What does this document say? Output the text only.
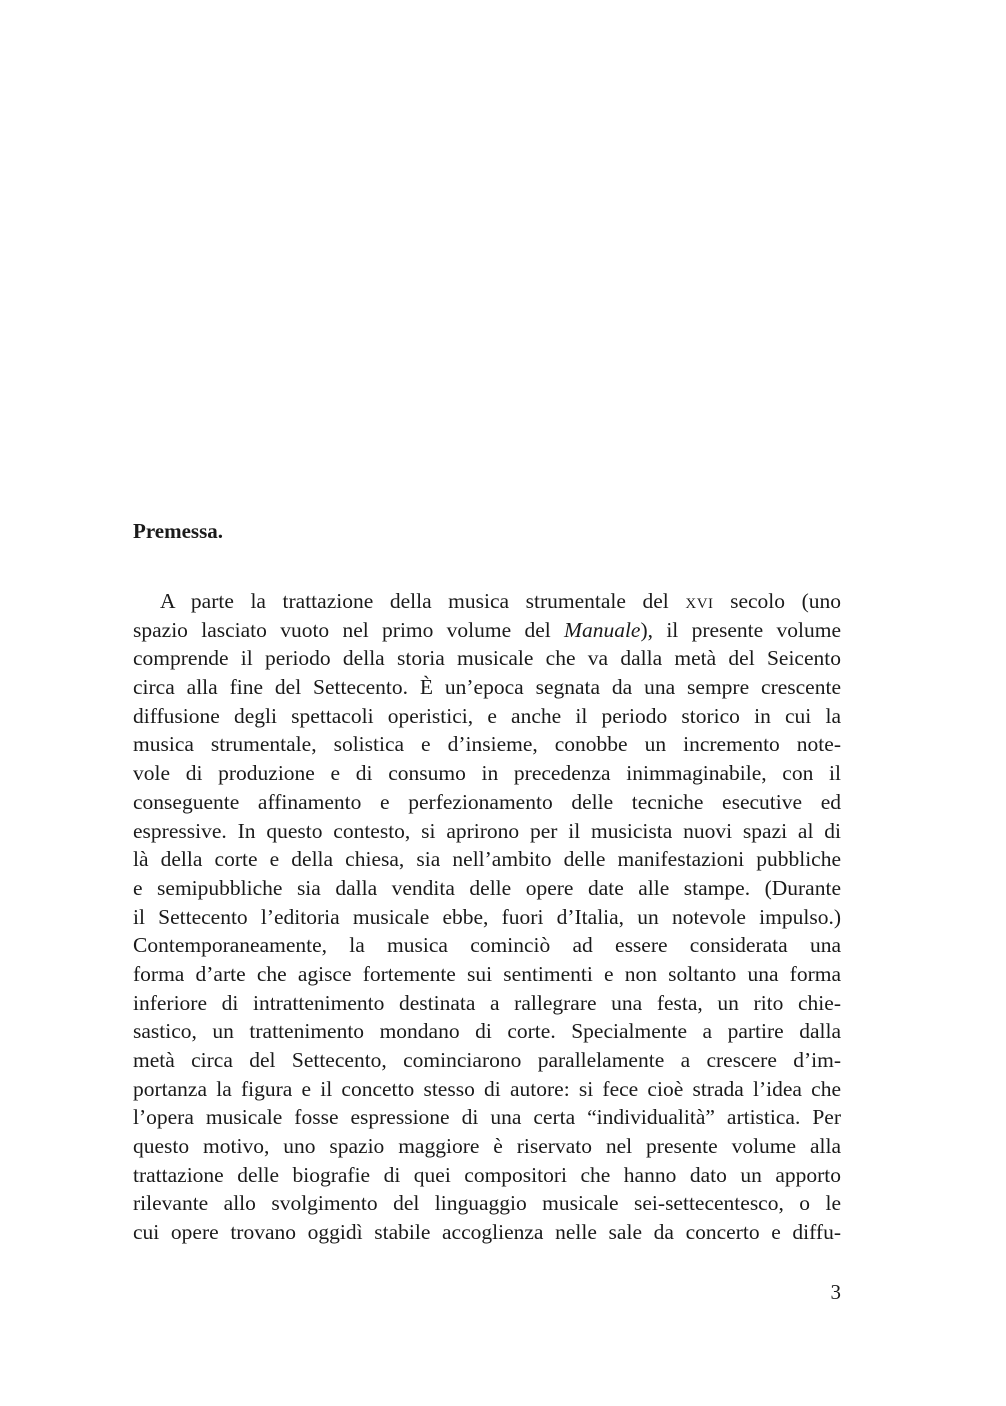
Premessa.
A parte la trattazione della musica strumentale del xvi secolo (uno
spazio lasciato vuoto nel primo volume del Manuale), il presente volume
comprende il periodo della storia musicale che va dalla metà del Seicento
circa alla fine del Settecento. È un’epoca segnata da una sempre crescente
diffusione degli spettacoli operistici, e anche il periodo storico in cui la
musica strumentale, solistica e d’insieme, conobbe un incremento note-
vole di produzione e di consumo in precedenza inimmaginabile, con il
conseguente affinamento e perfezionamento delle tecniche esecutive ed
espressive. In questo contesto, si aprirono per il musicista nuovi spazi al di
là della corte e della chiesa, sia nell’ambito delle manifestazioni pubbliche
e semipubbliche sia dalla vendita delle opere date alle stampe. (Durante
il Settecento l’editoria musicale ebbe, fuori d’Italia, un notevole impulso.)
Contemporaneamente, la musica cominciò ad essere considerata una
forma d’arte che agisce fortemente sui sentimenti e non soltanto una forma
inferiore di intrattenimento destinata a rallegrare una festa, un rito chie-
sastico, un trattenimento mondano di corte. Specialmente a partire dalla
metà circa del Settecento, cominciarono parallelamente a crescere d’im-
portanza la figura e il concetto stesso di autore: si fece cioè strada l’idea che
l’opera musicale fosse espressione di una certa “individualità” artistica. Per
questo motivo, uno spazio maggiore è riservato nel presente volume alla
trattazione delle biografie di quei compositori che hanno dato un apporto
rilevante allo svolgimento del linguaggio musicale sei-settecentesco, o le
cui opere trovano oggidì stabile accoglienza nelle sale da concerto e diffu-
3
